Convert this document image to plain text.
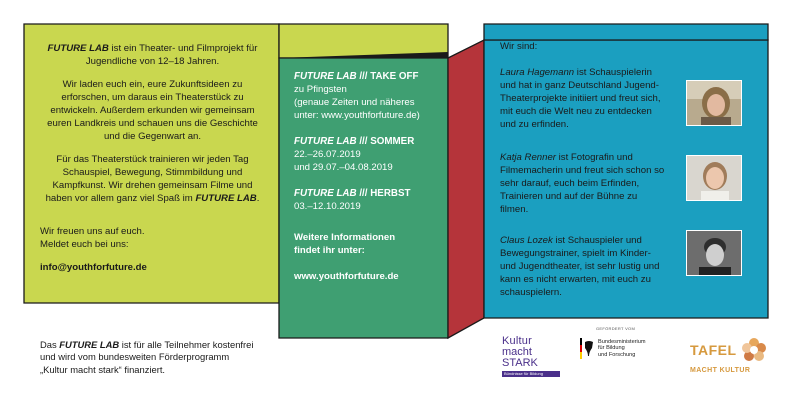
FUTURE LAB ist ein Theater- und Filmprojekt für Jugendliche von 12–18 Jahren.

Wir laden euch ein, eure Zukunftsideen zu erforschen, um daraus ein Theaterstück zu entwickeln. Außerdem erkunden wir gemeinsam euren Landkreis und schauen uns die Geschichte und die Gegenwart an.

Für das Theaterstück trainieren wir jeden Tag Schauspiel, Bewegung, Stimmbildung und Kampfkunst. Wir drehen gemeinsam Filme und haben vor allem ganz viel Spaß im FUTURE LAB.

Wir freuen uns auf euch.
Meldet euch bei uns:

info@youthforfuture.de

FUTURE LAB /// TAKE OFF
zu Pfingsten
(genaue Zeiten und näheres
unter: www.youthforfuture.de)
FUTURE LAB /// SOMMER
22.–26.07.2019
und 29.07.–04.08.2019
FUTURE LAB /// HERBST
03.–12.10.2019
Weitere Informationen
findet ihr unter:
www.youthforfuture.de
Wir sind:
Laura Hagemann ist Schauspielerin und hat in ganz Deutschland Jugend-Theaterprojekte initiiert und freut sich, mit euch die Welt neu zu entdecken und zu erfinden.
Katja Renner ist Fotografin und Filmemacherin und freut sich schon so sehr darauf, euch beim Erfinden, Trainieren und auf der Bühne zu filmen.
Claus Lozek ist Schauspieler und Bewegungstrainer, spielt im Kinder- und Jugendtheater, ist sehr lustig und kann es nicht erwarten, mit euch zu schauspielern.
Das FUTURE LAB ist für alle Teilnehmer kostenfrei
und wird vom bundesweiten Förderprogramm
„Kultur macht stark“ finanziert.
Kultur
macht STARK
Bündnisse für Bildung
GEFÖRDERT VOM
Bundesministerium
für Bildung
und Forschung	TAFEL
MACHT KULTUR
